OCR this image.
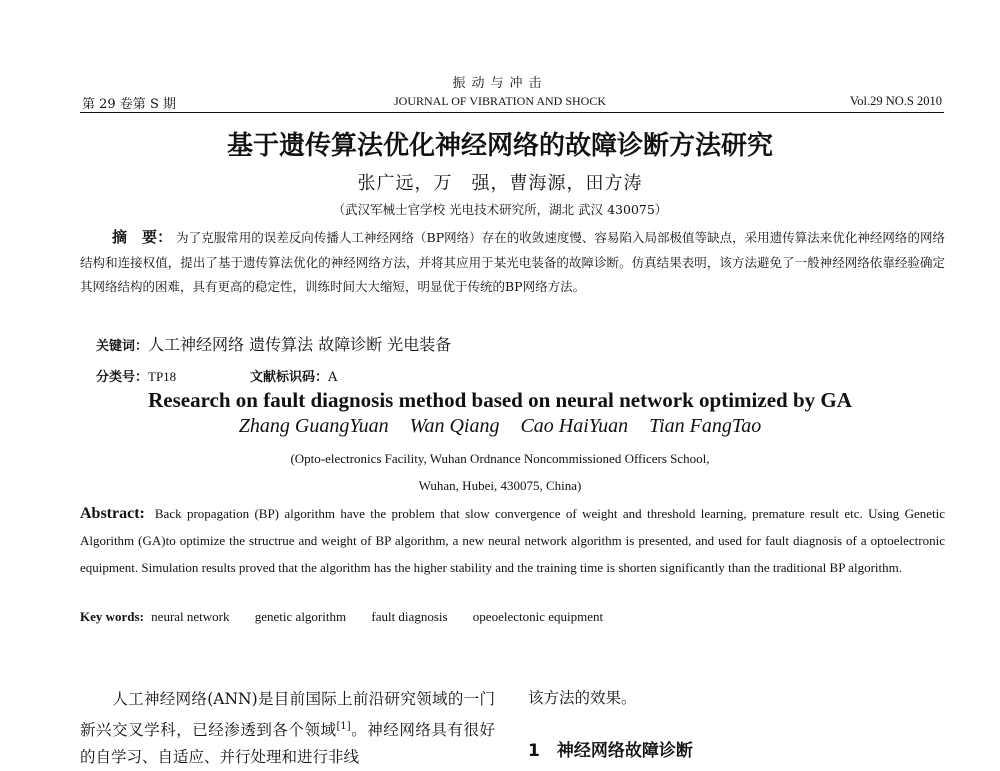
振动与冲击
第 29 卷第 S 期	JOURNAL OF VIBRATION AND SHOCK	Vol.29 NO.S 2010
基于遗传算法优化神经网络的故障诊断方法研究
张广远，万　强，曹海源，田方涛
（武汉军械士官学校 光电技术研究所，湖北 武汉 430075）
摘　要： 为了克服常用的误差反向传播人工神经网络（BP网络）存在的收敛速度慢、容易陷入局部极值等缺点，采用遗传算法来优化神经网络的网络结构和连接权值，提出了基于遗传算法优化的神经网络方法，并将其应用于某光电装备的故障诊断。仿真结果表明，该方法避免了一般神经网络依靠经验确定其网络结构的困难，具有更高的稳定性，训练时间大大缩短，明显优于传统的BP网络方法。
关键词：人工神经网络 遗传算法 故障诊断 光电装备
分类号：TP18	文献标识码：A
Research on fault diagnosis method based on neural network optimized by GA
Zhang GuangYuan Wan Qiang Cao HaiYuan Tian FangTao
(Opto-electronics Facility, Wuhan Ordnance Noncommissioned Officers School,
Wuhan, Hubei, 430075, China)
Abstract: Back propagation (BP) algorithm have the problem that slow convergence of weight and threshold learning, premature result etc. Using Genetic Algorithm (GA)to optimize the structrue and weight of BP algorithm, a new neural network algorithm is presented, and used for fault diagnosis of a optoelectronic equipment. Simulation results proved that the algorithm has the higher stability and the training time is shorten significantly than the traditional BP algorithm.
Key words: neural network genetic algorithm fault diagnosis opeoelectonic equipment
人工神经网络(ANN)是目前国际上前沿研究领域的一门新兴交叉学科，已经渗透到各个领域[1]。神经网络具有很好的自学习、自适应、并行处理和进行非线
该方法的效果。
1　神经网络故障诊断
